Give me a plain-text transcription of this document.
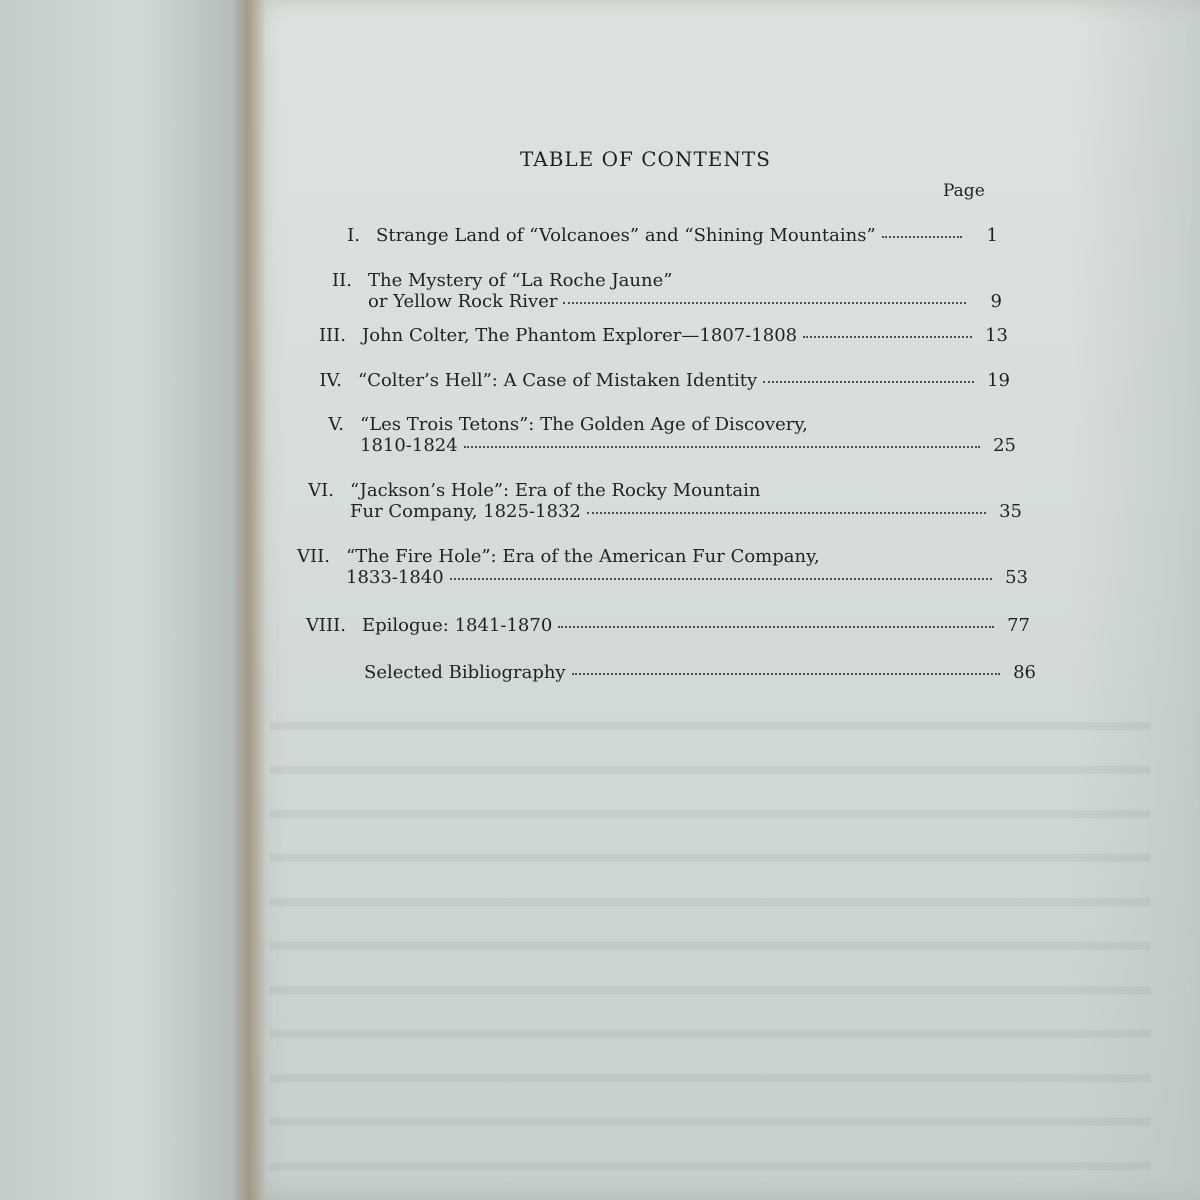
TABLE OF CONTENTS
Page
I. Strange Land of “Volcanoes” and “Shining Mountains”	1
II. The Mystery of “La Roche Jaune”
or Yellow Rock River	9
III. John Colter, The Phantom Explorer—1807-1808	13
IV. “Colter’s Hell”: A Case of Mistaken Identity	19
V. “Les Trois Tetons”: The Golden Age of Discovery,
1810-1824	25
VI. “Jackson’s Hole”: Era of the Rocky Mountain
Fur Company, 1825-1832	35
VII. “The Fire Hole”: Era of the American Fur Company,
1833-1840	53
VIII. Epilogue: 1841-1870	77
Selected Bibliography	86
